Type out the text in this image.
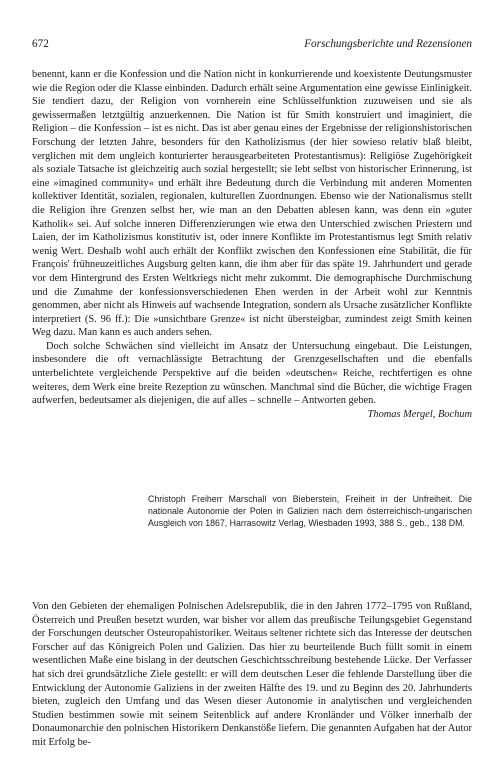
672	Forschungsberichte und Rezensionen

benennt, kann er die Konfession und die Nation nicht in konkurrierende und koexistente Deutungsmuster wie die Region oder die Klasse einbinden. Dadurch erhält seine Argumentation eine gewisse Einlinigkeit. Sie tendiert dazu, der Religion von vornherein eine Schlüsselfunktion zuzuweisen und sie als gewissermaßen letztgültig anzuerkennen. Die Nation ist für Smith konstruiert und imaginiert, die Religion – die Konfession – ist es nicht. Das ist aber genau eines der Ergebnisse der religionshistorischen Forschung der letzten Jahre, besonders für den Katholizismus (der hier sowieso relativ blaß bleibt, verglichen mit dem ungleich konturierter herausgearbeiteten Protestantismus): Religiöse Zugehörigkeit als soziale Tatsache ist gleichzeitig auch sozial hergestellt; sie lebt selbst von historischer Erinnerung, ist eine »imagined community« und erhält ihre Bedeutung durch die Verbindung mit anderen Momenten kollektiver Identität, sozialen, regionalen, kulturellen Zuordnungen. Ebenso wie der Nationalismus stellt die Religion ihre Grenzen selbst her, wie man an den Debatten ablesen kann, was denn ein »guter Katholik« sei. Auf solche inneren Differenzierungen wie etwa den Unterschied zwischen Priestern und Laien, der im Katholizismus konstitutiv ist, oder innere Konflikte im Protestantismus legt Smith relativ wenig Wert. Deshalb wohl auch erhält der Konflikt zwischen den Konfessionen eine Stabilität, die für François' frühneuzeitliches Augsburg gelten kann, die ihm aber für das späte 19. Jahrhundert und gerade vor dem Hintergrund des Ersten Weltkriegs nicht mehr zukommt. Die demographische Durchmischung und die Zunahme der konfessionsverschiedenen Ehen werden in der Arbeit wohl zur Kenntnis genommen, aber nicht als Hinweis auf wachsende Integration, sondern als Ursache zusätzlicher Konflikte interpretiert (S. 96 ff.): Die »unsichtbare Grenze« ist nicht übersteigbar, zumindest zeigt Smith keinen Weg dazu. Man kann es auch anders sehen.

Doch solche Schwächen sind vielleicht im Ansatz der Untersuchung eingebaut. Die Leistungen, insbesondere die oft vernachlässigte Betrachtung der Grenzgesellschaften und die ebenfalls unterbelichtete vergleichende Perspektive auf die beiden »deutschen« Reiche, rechtfertigen es ohne weiteres, dem Werk eine breite Rezeption zu wünschen. Manchmal sind die Bücher, die wichtige Fragen aufwerfen, bedeutsamer als diejenigen, die auf alles – schnelle – Antworten geben.
Thomas Mergel, Bochum

Christoph Freiherr Marschall von Bieberstein, Freiheit in der Unfreiheit. Die nationale Autonomie der Polen in Galizien nach dem österreichisch-ungarischen Ausgleich von 1867, Harrasowitz Verlag, Wiesbaden 1993, 388 S., geb., 138 DM.

Von den Gebieten der ehemaligen Polnischen Adelsrepublik, die in den Jahren 1772–1795 von Rußland, Österreich und Preußen besetzt wurden, war bisher vor allem das preußische Teilungsgebiet Gegenstand der Forschungen deutscher Osteuropahistoriker. Weitaus seltener richtete sich das Interesse der deutschen Forscher auf das Königreich Polen und Galizien. Das hier zu beurteilende Buch füllt somit in einem wesentlichen Maße eine bislang in der deutschen Geschichtsschreibung bestehende Lücke. Der Verfasser hat sich drei grundsätzliche Ziele gestellt: er will dem deutschen Leser die fehlende Darstellung über die Entwicklung der Autonomie Galiziens in der zweiten Hälfte des 19. und zu Beginn des 20. Jahrhunderts bieten, zugleich den Umfang und das Wesen dieser Autonomie in analytischen und vergleichenden Studien bestimmen sowie mit seinem Seitenblick auf andere Kronländer und Völker innerhalb der Donaumonarchie den polnischen Historikern Denkanstöße liefern. Die genannten Aufgaben hat der Autor mit Erfolg be-
